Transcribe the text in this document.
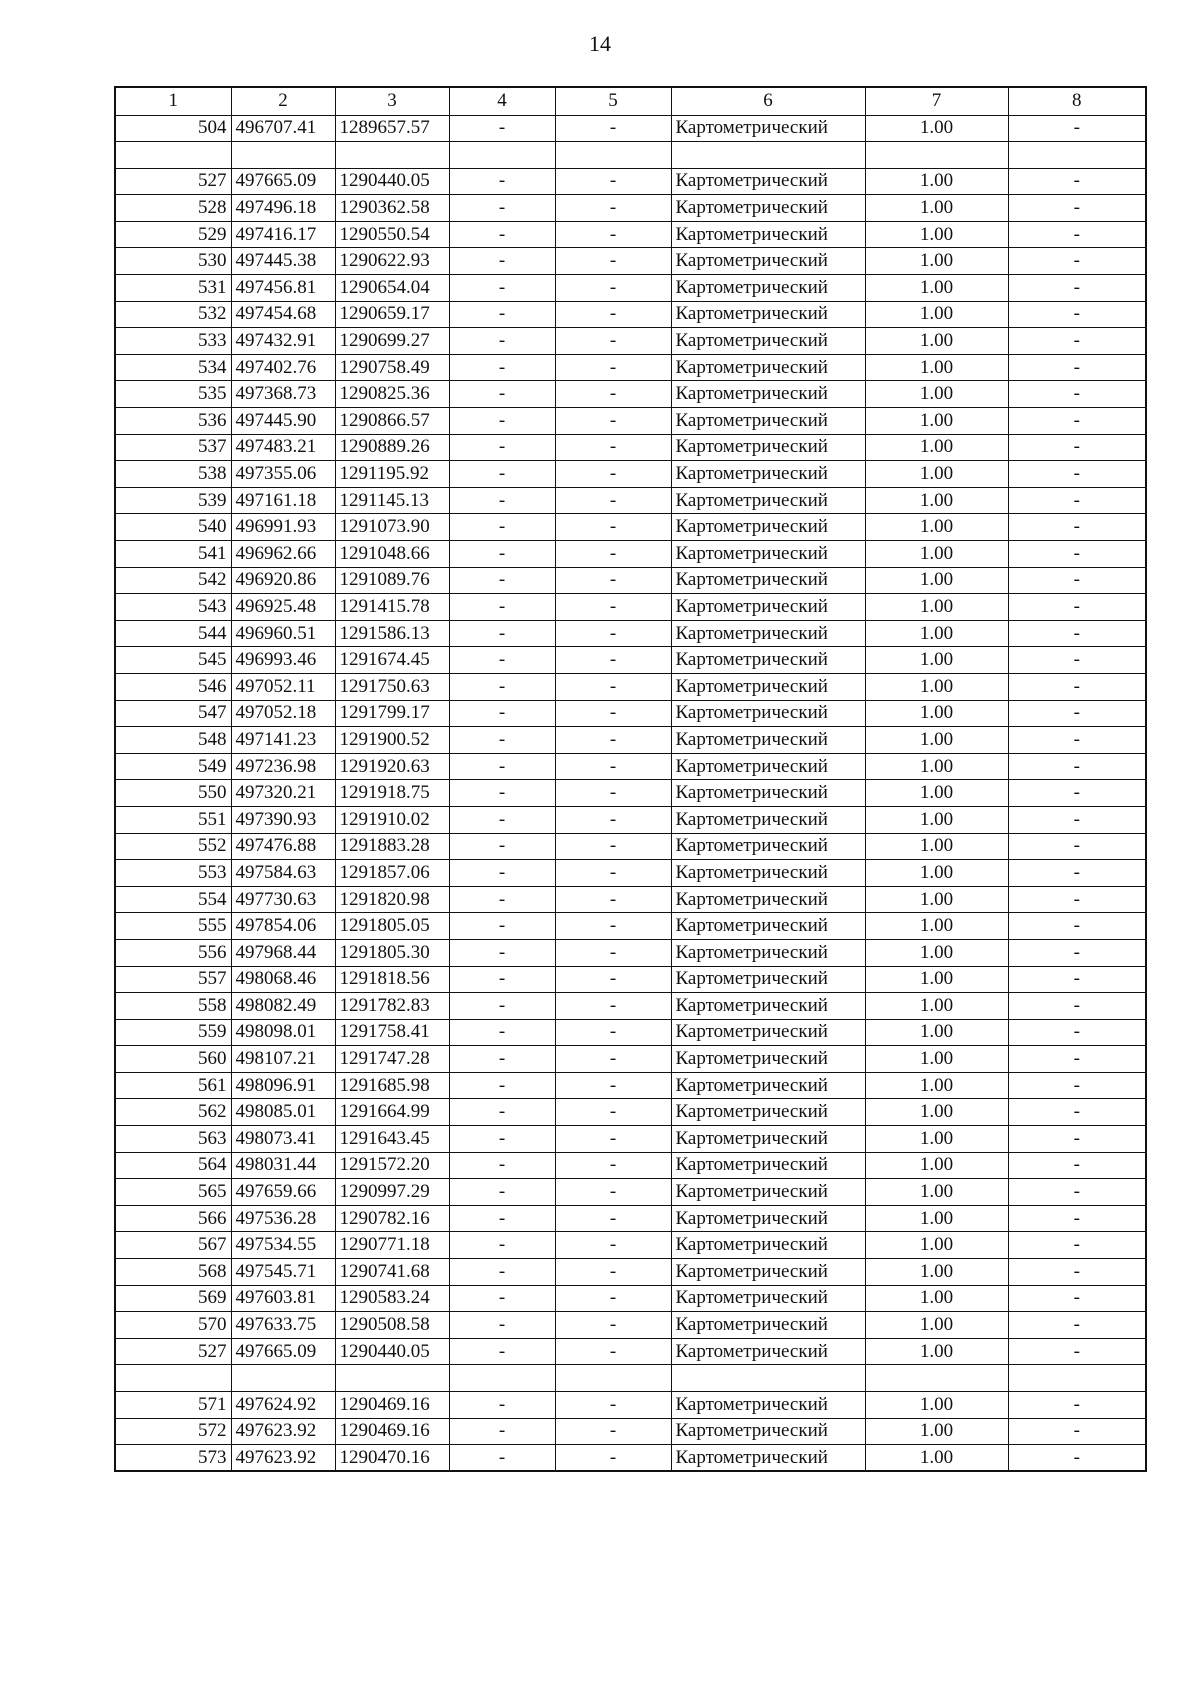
14
1	2	3	4	5	6	7	8
504	496707.41	1289657.57	-	-	Картометрический	1.00	-

527	497665.09	1290440.05	-	-	Картометрический	1.00	-
528	497496.18	1290362.58	-	-	Картометрический	1.00	-
529	497416.17	1290550.54	-	-	Картометрический	1.00	-
530	497445.38	1290622.93	-	-	Картометрический	1.00	-
531	497456.81	1290654.04	-	-	Картометрический	1.00	-
532	497454.68	1290659.17	-	-	Картометрический	1.00	-
533	497432.91	1290699.27	-	-	Картометрический	1.00	-
534	497402.76	1290758.49	-	-	Картометрический	1.00	-
535	497368.73	1290825.36	-	-	Картометрический	1.00	-
536	497445.90	1290866.57	-	-	Картометрический	1.00	-
537	497483.21	1290889.26	-	-	Картометрический	1.00	-
538	497355.06	1291195.92	-	-	Картометрический	1.00	-
539	497161.18	1291145.13	-	-	Картометрический	1.00	-
540	496991.93	1291073.90	-	-	Картометрический	1.00	-
541	496962.66	1291048.66	-	-	Картометрический	1.00	-
542	496920.86	1291089.76	-	-	Картометрический	1.00	-
543	496925.48	1291415.78	-	-	Картометрический	1.00	-
544	496960.51	1291586.13	-	-	Картометрический	1.00	-
545	496993.46	1291674.45	-	-	Картометрический	1.00	-
546	497052.11	1291750.63	-	-	Картометрический	1.00	-
547	497052.18	1291799.17	-	-	Картометрический	1.00	-
548	497141.23	1291900.52	-	-	Картометрический	1.00	-
549	497236.98	1291920.63	-	-	Картометрический	1.00	-
550	497320.21	1291918.75	-	-	Картометрический	1.00	-
551	497390.93	1291910.02	-	-	Картометрический	1.00	-
552	497476.88	1291883.28	-	-	Картометрический	1.00	-
553	497584.63	1291857.06	-	-	Картометрический	1.00	-
554	497730.63	1291820.98	-	-	Картометрический	1.00	-
555	497854.06	1291805.05	-	-	Картометрический	1.00	-
556	497968.44	1291805.30	-	-	Картометрический	1.00	-
557	498068.46	1291818.56	-	-	Картометрический	1.00	-
558	498082.49	1291782.83	-	-	Картометрический	1.00	-
559	498098.01	1291758.41	-	-	Картометрический	1.00	-
560	498107.21	1291747.28	-	-	Картометрический	1.00	-
561	498096.91	1291685.98	-	-	Картометрический	1.00	-
562	498085.01	1291664.99	-	-	Картометрический	1.00	-
563	498073.41	1291643.45	-	-	Картометрический	1.00	-
564	498031.44	1291572.20	-	-	Картометрический	1.00	-
565	497659.66	1290997.29	-	-	Картометрический	1.00	-
566	497536.28	1290782.16	-	-	Картометрический	1.00	-
567	497534.55	1290771.18	-	-	Картометрический	1.00	-
568	497545.71	1290741.68	-	-	Картометрический	1.00	-
569	497603.81	1290583.24	-	-	Картометрический	1.00	-
570	497633.75	1290508.58	-	-	Картометрический	1.00	-
527	497665.09	1290440.05	-	-	Картометрический	1.00	-

571	497624.92	1290469.16	-	-	Картометрический	1.00	-
572	497623.92	1290469.16	-	-	Картометрический	1.00	-
573	497623.92	1290470.16	-	-	Картометрический	1.00	-
